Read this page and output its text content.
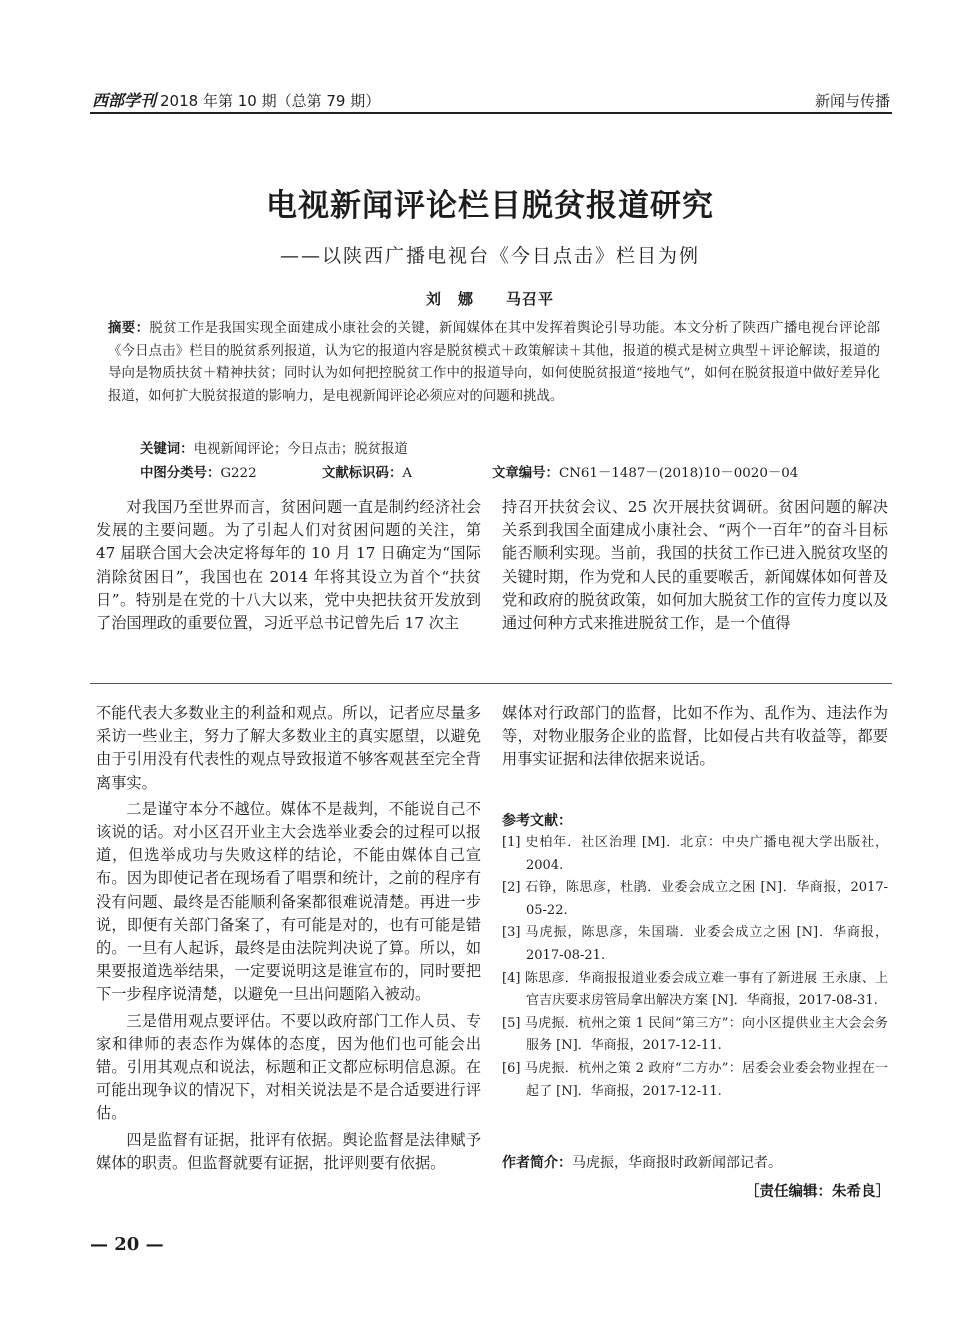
西部学刊 2018 年第 10 期（总第 79 期）	新闻与传播
电视新闻评论栏目脱贫报道研究
——以陕西广播电视台《今日点击》栏目为例
刘　娜 马召平
摘要：脱贫工作是我国实现全面建成小康社会的关键，新闻媒体在其中发挥着舆论引导功能。本文分析了陕西广播电视台评论部《今日点击》栏目的脱贫系列报道，认为它的报道内容是脱贫模式＋政策解读＋其他，报道的模式是树立典型＋评论解读，报道的导向是物质扶贫＋精神扶贫；同时认为如何把控脱贫工作中的报道导向，如何使脱贫报道“接地气”，如何在脱贫报道中做好差异化报道，如何扩大脱贫报道的影响力，是电视新闻评论必须应对的问题和挑战。
关键词：电视新闻评论；今日点击；脱贫报道
中图分类号：G222	文献标识码：A	文章编号：CN61－1487－(2018)10－0020－04

对我国乃至世界而言，贫困问题一直是制约经济社会发展的主要问题。为了引起人们对贫困问题的关注，第 47 届联合国大会决定将每年的 10 月 17 日确定为“国际消除贫困日”，我国也在 2014 年将其设立为首个“扶贫日”。特别是在党的十八大以来，党中央把扶贫开发放到了治国理政的重要位置，习近平总书记曾先后 17 次主

持召开扶贫会议、25 次开展扶贫调研。贫困问题的解决关系到我国全面建成小康社会、“两个一百年”的奋斗目标能否顺利实现。当前，我国的扶贫工作已进入脱贫攻坚的关键时期，作为党和人民的重要喉舌，新闻媒体如何普及党和政府的脱贫政策，如何加大脱贫工作的宣传力度以及通过何种方式来推进脱贫工作，是一个值得

不能代表大多数业主的利益和观点。所以，记者应尽量多采访一些业主，努力了解大多数业主的真实愿望，以避免由于引用没有代表性的观点导致报道不够客观甚至完全背离事实。

二是谨守本分不越位。媒体不是裁判，不能说自己不该说的话。对小区召开业主大会选举业委会的过程可以报道，但选举成功与失败这样的结论，不能由媒体自己宣布。因为即使记者在现场看了唱票和统计，之前的程序有没有问题、最终是否能顺利备案都很难说清楚。再进一步说，即便有关部门备案了，有可能是对的，也有可能是错的。一旦有人起诉，最终是由法院判决说了算。所以，如果要报道选举结果，一定要说明这是谁宣布的，同时要把下一步程序说清楚，以避免一旦出问题陷入被动。

三是借用观点要评估。不要以政府部门工作人员、专家和律师的表态作为媒体的态度，因为他们也可能会出错。引用其观点和说法，标题和正文都应标明信息源。在可能出现争议的情况下，对相关说法是不是合适要进行评估。

四是监督有证据，批评有依据。舆论监督是法律赋予媒体的职责。但监督就要有证据，批评则要有依据。

媒体对行政部门的监督，比如不作为、乱作为、违法作为等，对物业服务企业的监督，比如侵占共有收益等，都要用事实证据和法律依据来说话。

参考文献：
[1] 史柏年．社区治理 [M]．北京：中央广播电视大学出版社，2004.
[2] 石铮，陈思彦，杜鹃．业委会成立之困 [N]．华商报，2017-05-22.
[3] 马虎振，陈思彦，朱国瑞．业委会成立之困 [N]．华商报，2017-08-21.
[4] 陈思彦．华商报报道业委会成立难一事有了新进展 王永康、上官吉庆要求房管局拿出解决方案 [N]．华商报，2017-08-31.
[5] 马虎振．杭州之策 1 民间“第三方”：向小区提供业主大会会务服务 [N]．华商报，2017-12-11.
[6] 马虎振．杭州之策 2 政府“二方办”：居委会业委会物业捏在一起了 [N]．华商报，2017-12-11.
作者简介：马虎振，华商报时政新闻部记者。
［责任编辑：朱希良］
— 20 —
